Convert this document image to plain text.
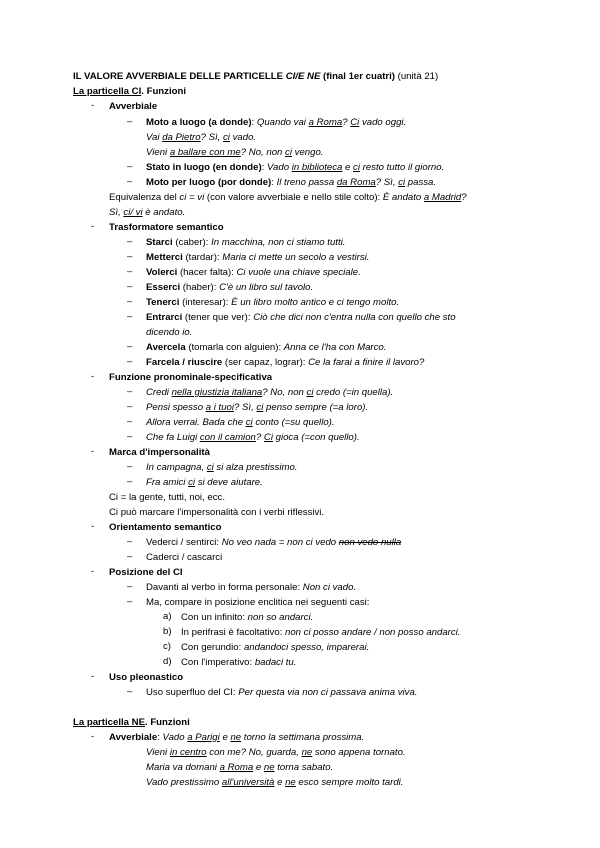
IL VALORE AVVERBIALE DELLE PARTICELLE CI/E NE (final 1er cuatri) (unità 21)
La particella CI. Funzioni
- Avverbiale
– Moto a luogo (a donde): Quando vai a Roma? Ci vado oggi.
Vai da Pietro? Sì, ci vado.
Vieni a ballare con me? No, non ci vengo.
– Stato in luogo (en donde): Vado in biblioteca e ci resto tutto il giorno.
– Moto per luogo (por donde): Il treno passa da Roma? Sì, ci passa.
Equivalenza del ci = vi (con valore avverbiale e nello stile colto): È andato a Madrid?
Sì, ci/ vi è andato.
- Trasformatore semantico
– Starci (caber): In macchina, non ci stiamo tutti.
– Metterci (tardar): Maria ci mette un secolo a vestirsi.
– Volerci (hacer falta): Ci vuole una chiave speciale.
– Esserci (haber): C'è un libro sul tavolo.
– Tenerci (interesar): È un libro molto antico e ci tengo molto.
– Entrarci (tener que ver): Ciò che dici non c'entra nulla con quello che sto
dicendo io.
– Avercela (tomarla con alguien): Anna ce l'ha con Marco.
– Farcela / riuscire (ser capaz, lograr): Ce la farai a finire il lavoro?
- Funzione pronominale-specificativa
– Credi nella giustizia italiana? No, non ci credo (=in quella).
– Pensi spesso a i tuoi? Sì, ci penso sempre (=a loro).
– Allora verrai. Bada che ci conto (=su quello).
– Che fa Luigi con il camion? Ci gioca (=con quello).
- Marca d'impersonalità
– In campagna, ci si alza prestissimo.
– Fra amici ci si deve aiutare.
Ci = la gente, tutti, noi, ecc.
Ci può marcare l'impersonalità con i verbi riflessivi.
- Orientamento semantico
– Vederci / sentirci: No veo nada = non ci vedo non vedo nulla
– Caderci / cascarci
- Posizione del CI
– Davanti al verbo in forma personale: Non ci vado.
– Ma, compare in posizione enclitica nei seguenti casi:
a) Con un infinito: non so andarci.
b) In perifrasi è facoltativo: non ci posso andare / non posso andarci.
c) Con gerundio: andandoci spesso, imparerai.
d) Con l'imperativo: badaci tu.
- Uso pleonastico
– Uso superfluo del CI: Per questa via non ci passava anima viva.
La particella NE. Funzioni
- Avverbiale: Vado a Parigi e ne torno la settimana prossima.
Vieni in centro con me? No, guarda, ne sono appena tornato.
Maria va domani a Roma e ne torna sabato.
Vado prestissimo all'università e ne esco sempre molto tardi.
